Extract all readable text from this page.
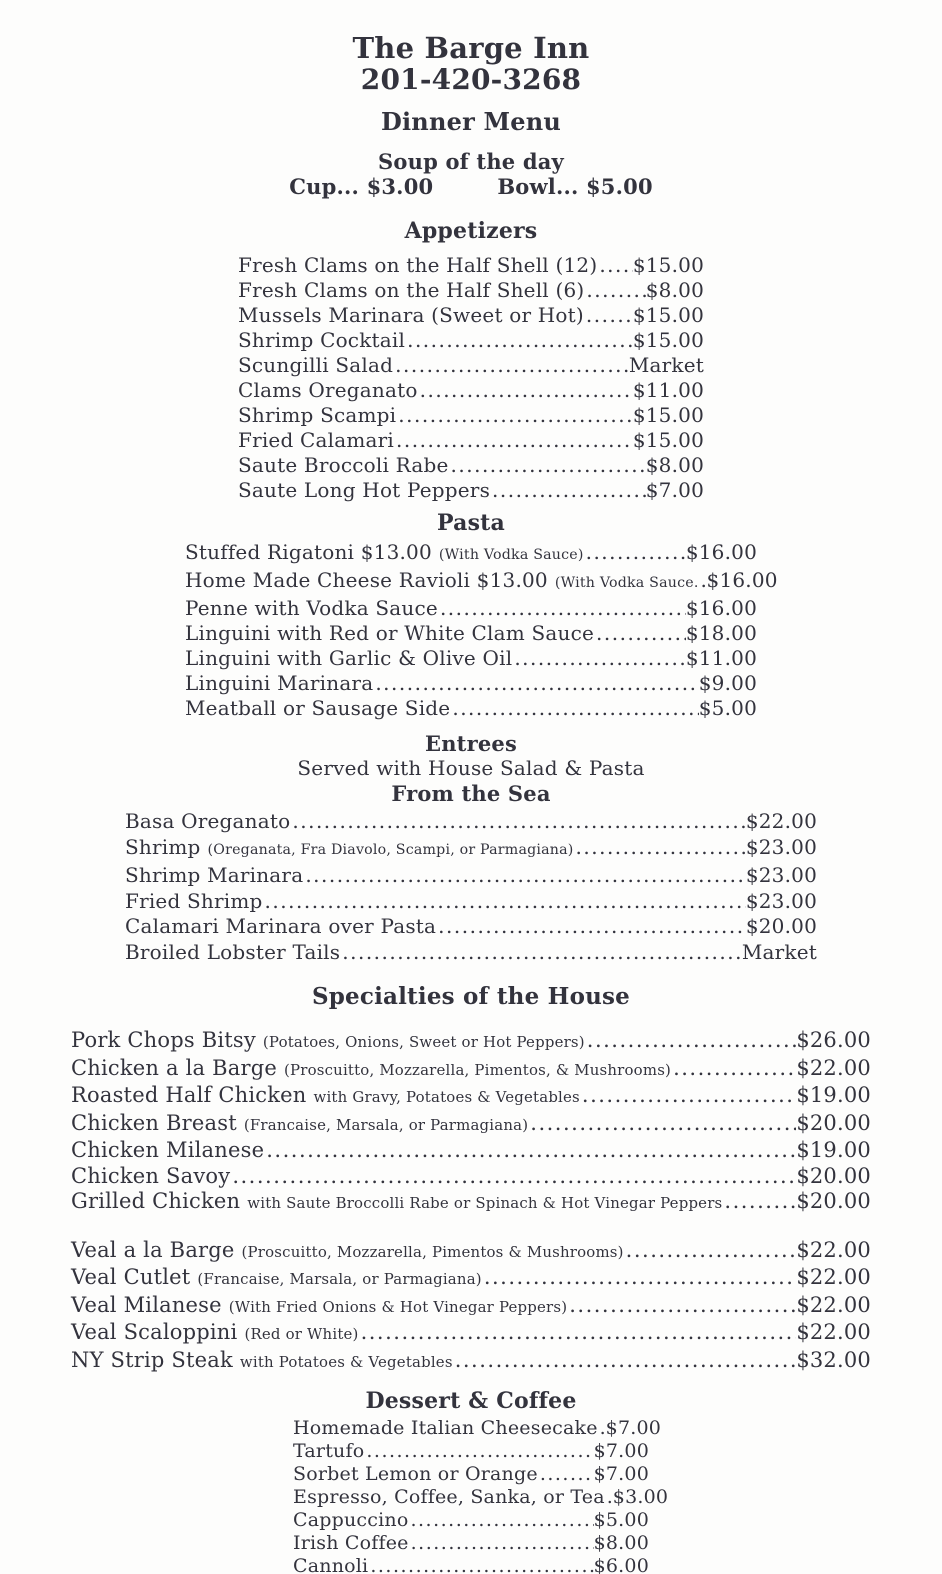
The Barge Inn
201-420-3268
Dinner Menu
Soup of the day
Cup... $3.00	Bowl... $5.00
Appetizers
Fresh Clams on the Half Shell (12) ..... $15.00
Fresh Clams on the Half Shell (6) .....	$8.00
Mussels Marinara (Sweet or Hot) ..... $15.00
Shrimp Cocktail .....	$15.00
Scungilli Salad .....	Market
Clams Oreganato .....	$11.00
Shrimp Scampi .....	$15.00
Fried Calamari .....	$15.00
Saute Broccoli Rabe .....	$8.00
Saute Long Hot Peppers .....	$7.00
Pasta
Stuffed Rigatoni $13.00 (With Vodka Sauce) .....	$16.00
Home Made Cheese Ravioli $13.00 (With Vodka Sauce. ..... $16.00
Penne with Vodka Sauce .....	$16.00
Linguini with Red or White Clam Sauce .....	$18.00
Linguini with Garlic & Olive Oil .....	$11.00
Linguini Marinara .....	$9.00
Meatball or Sausage Side .....	$5.00
Entrees
Served with House Salad & Pasta
From the Sea
Basa Oreganato .....	$22.00
Shrimp (Oreganata, Fra Diavolo, Scampi, or Parmagiana) .....	$23.00
Shrimp Marinara .....	$23.00
Fried Shrimp .....	$23.00
Calamari Marinara over Pasta .....	$20.00
Broiled Lobster Tails .....	Market
Specialties of the House
Pork Chops Bitsy (Potatoes, Onions, Sweet or Hot Peppers) .....	$26.00
Chicken a la Barge (Proscuitto, Mozzarella, Pimentos, & Mushrooms) .....	$22.00
Roasted Half Chicken with Gravy, Potatoes & Vegetables .....	$19.00
Chicken Breast (Francaise, Marsala, or Parmagiana) .....	$20.00
Chicken Milanese .....	$19.00
Chicken Savoy .....	$20.00
Grilled Chicken with Saute Broccolli Rabe or Spinach & Hot Vinegar Peppers .....	$20.00
Veal a la Barge (Proscuitto, Mozzarella, Pimentos & Mushrooms) .....	$22.00
Veal Cutlet (Francaise, Marsala, or Parmagiana) .....	$22.00
Veal Milanese (With Fried Onions & Hot Vinegar Peppers) .....	$22.00
Veal Scaloppini (Red or White) .....	$22.00
NY Strip Steak with Potatoes & Vegetables .....	$32.00
Dessert & Coffee
Homemade Italian Cheesecake ..... $7.00
Tartufo .....	$7.00
Sorbet Lemon or Orange .....	$7.00
Espresso, Coffee, Sanka, or Tea ..... $3.00
Cappuccino .....	$5.00
Irish Coffee .....	$8.00
Cannoli .....	$6.00
